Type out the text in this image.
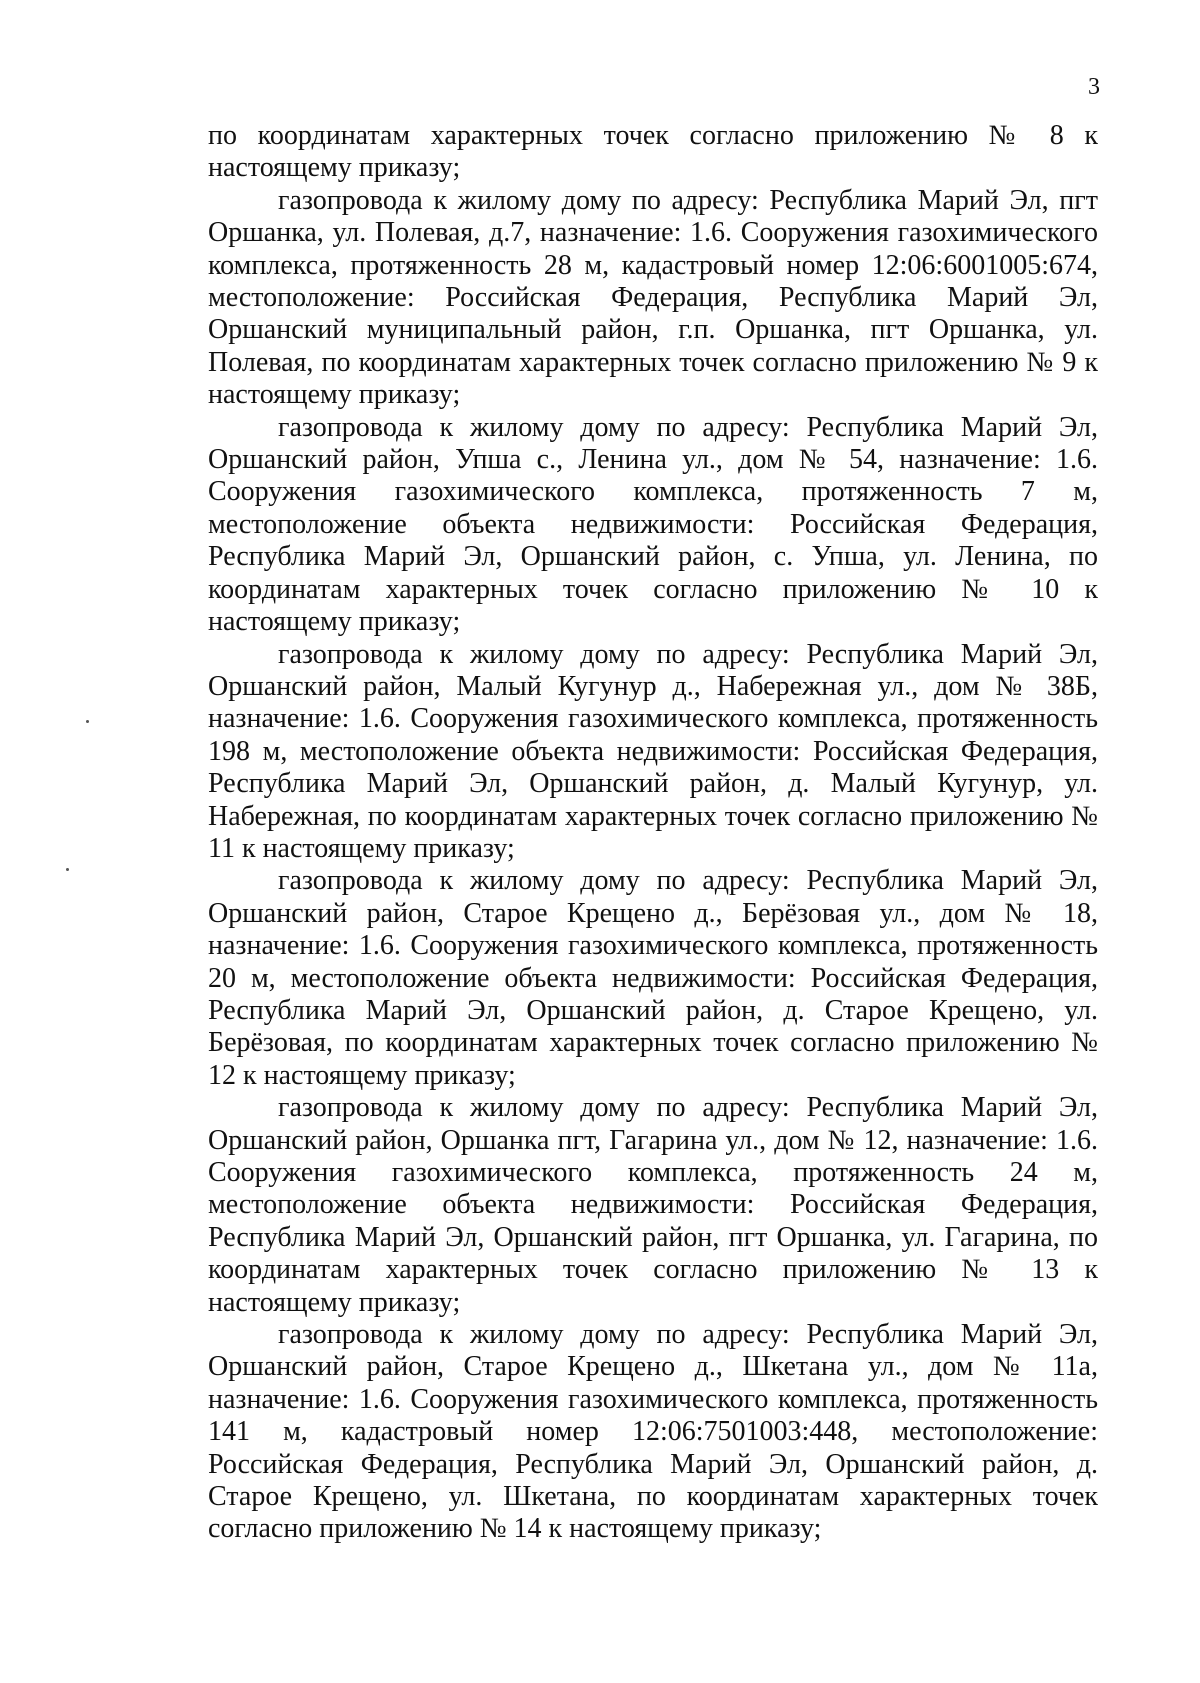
3

по координатам характерных точек согласно приложению № 8 к настоящему приказу;

газопровода к жилому дому по адресу: Республика Марий Эл, пгт Оршанка, ул. Полевая, д.7, назначение: 1.6. Сооружения газохимического комплекса, протяженность 28 м, кадастровый номер 12:06:6001005:674, местоположение: Российская Федерация, Республика Марий Эл, Оршанский муниципальный район, г.п. Оршанка, пгт Оршанка, ул. Полевая, по координатам характерных точек согласно приложению № 9 к настоящему приказу;

газопровода к жилому дому по адресу: Республика Марий Эл, Оршанский район, Упша с., Ленина ул., дом № 54, назначение: 1.6. Сооружения газохимического комплекса, протяженность 7 м, местоположение объекта недвижимости: Российская Федерация, Республика Марий Эл, Оршанский район, с. Упша, ул. Ленина, по координатам характерных точек согласно приложению № 10 к настоящему приказу;

газопровода к жилому дому по адресу: Республика Марий Эл, Оршанский район, Малый Кугунур д., Набережная ул., дом № 38Б, назначение: 1.6. Сооружения газохимического комплекса, протяженность 198 м, местоположение объекта недвижимости: Российская Федерация, Республика Марий Эл, Оршанский район, д. Малый Кугунур, ул. Набережная, по координатам характерных точек согласно приложению № 11 к настоящему приказу;

газопровода к жилому дому по адресу: Республика Марий Эл, Оршанский район, Старое Крещено д., Берёзовая ул., дом № 18, назначение: 1.6. Сооружения газохимического комплекса, протяженность 20 м, местоположение объекта недвижимости: Российская Федерация, Республика Марий Эл, Оршанский район, д. Старое Крещено, ул. Берёзовая, по координатам характерных точек согласно приложению № 12 к настоящему приказу;

газопровода к жилому дому по адресу: Республика Марий Эл, Оршанский район, Оршанка пгт, Гагарина ул., дом № 12, назначение: 1.6. Сооружения газохимического комплекса, протяженность 24 м, местоположение объекта недвижимости: Российская Федерация, Республика Марий Эл, Оршанский район, пгт Оршанка, ул. Гагарина, по координатам характерных точек согласно приложению № 13 к настоящему приказу;

газопровода к жилому дому по адресу: Республика Марий Эл, Оршанский район, Старое Крещено д., Шкетана ул., дом № 11а, назначение: 1.6. Сооружения газохимического комплекса, протяженность 141 м, кадастровый номер 12:06:7501003:448, местоположение: Российская Федерация, Республика Марий Эл, Оршанский район, д. Старое Крещено, ул. Шкетана, по координатам характерных точек согласно приложению № 14 к настоящему приказу;
